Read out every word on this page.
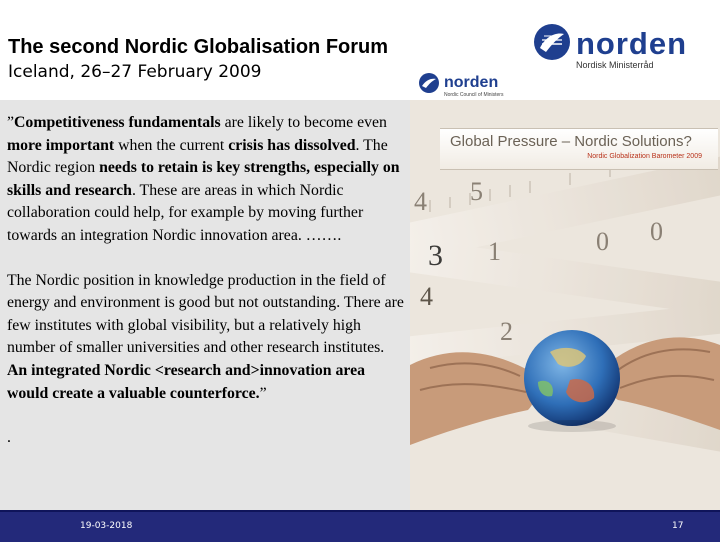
The second Nordic Globalisation Forum
Iceland, 26–27 February 2009
norden
Nordisk Ministerråd
norden
Nordic Council of Ministers

”Competitiveness fundamentals are likely to become even more important when the current crisis has dissolved. The Nordic region needs to retain is key strengths, especially on skills and research. These are areas in which Nordic collaboration could help, for example by moving further towards an integration Nordic innovation area. …….

The Nordic position in knowledge production in the field of energy and environment is good but not outstanding. There are few institutes with global visibility, but a relatively high number of smaller universities and other research institutes. An integrated Nordic <research and>innovation area would create a valuable counterforce.”

.

4 5
0
3 1
4
0
2
Global Pressure – Nordic Solutions?
Nordic Globalization Barometer 2009
19-03-2018	17
